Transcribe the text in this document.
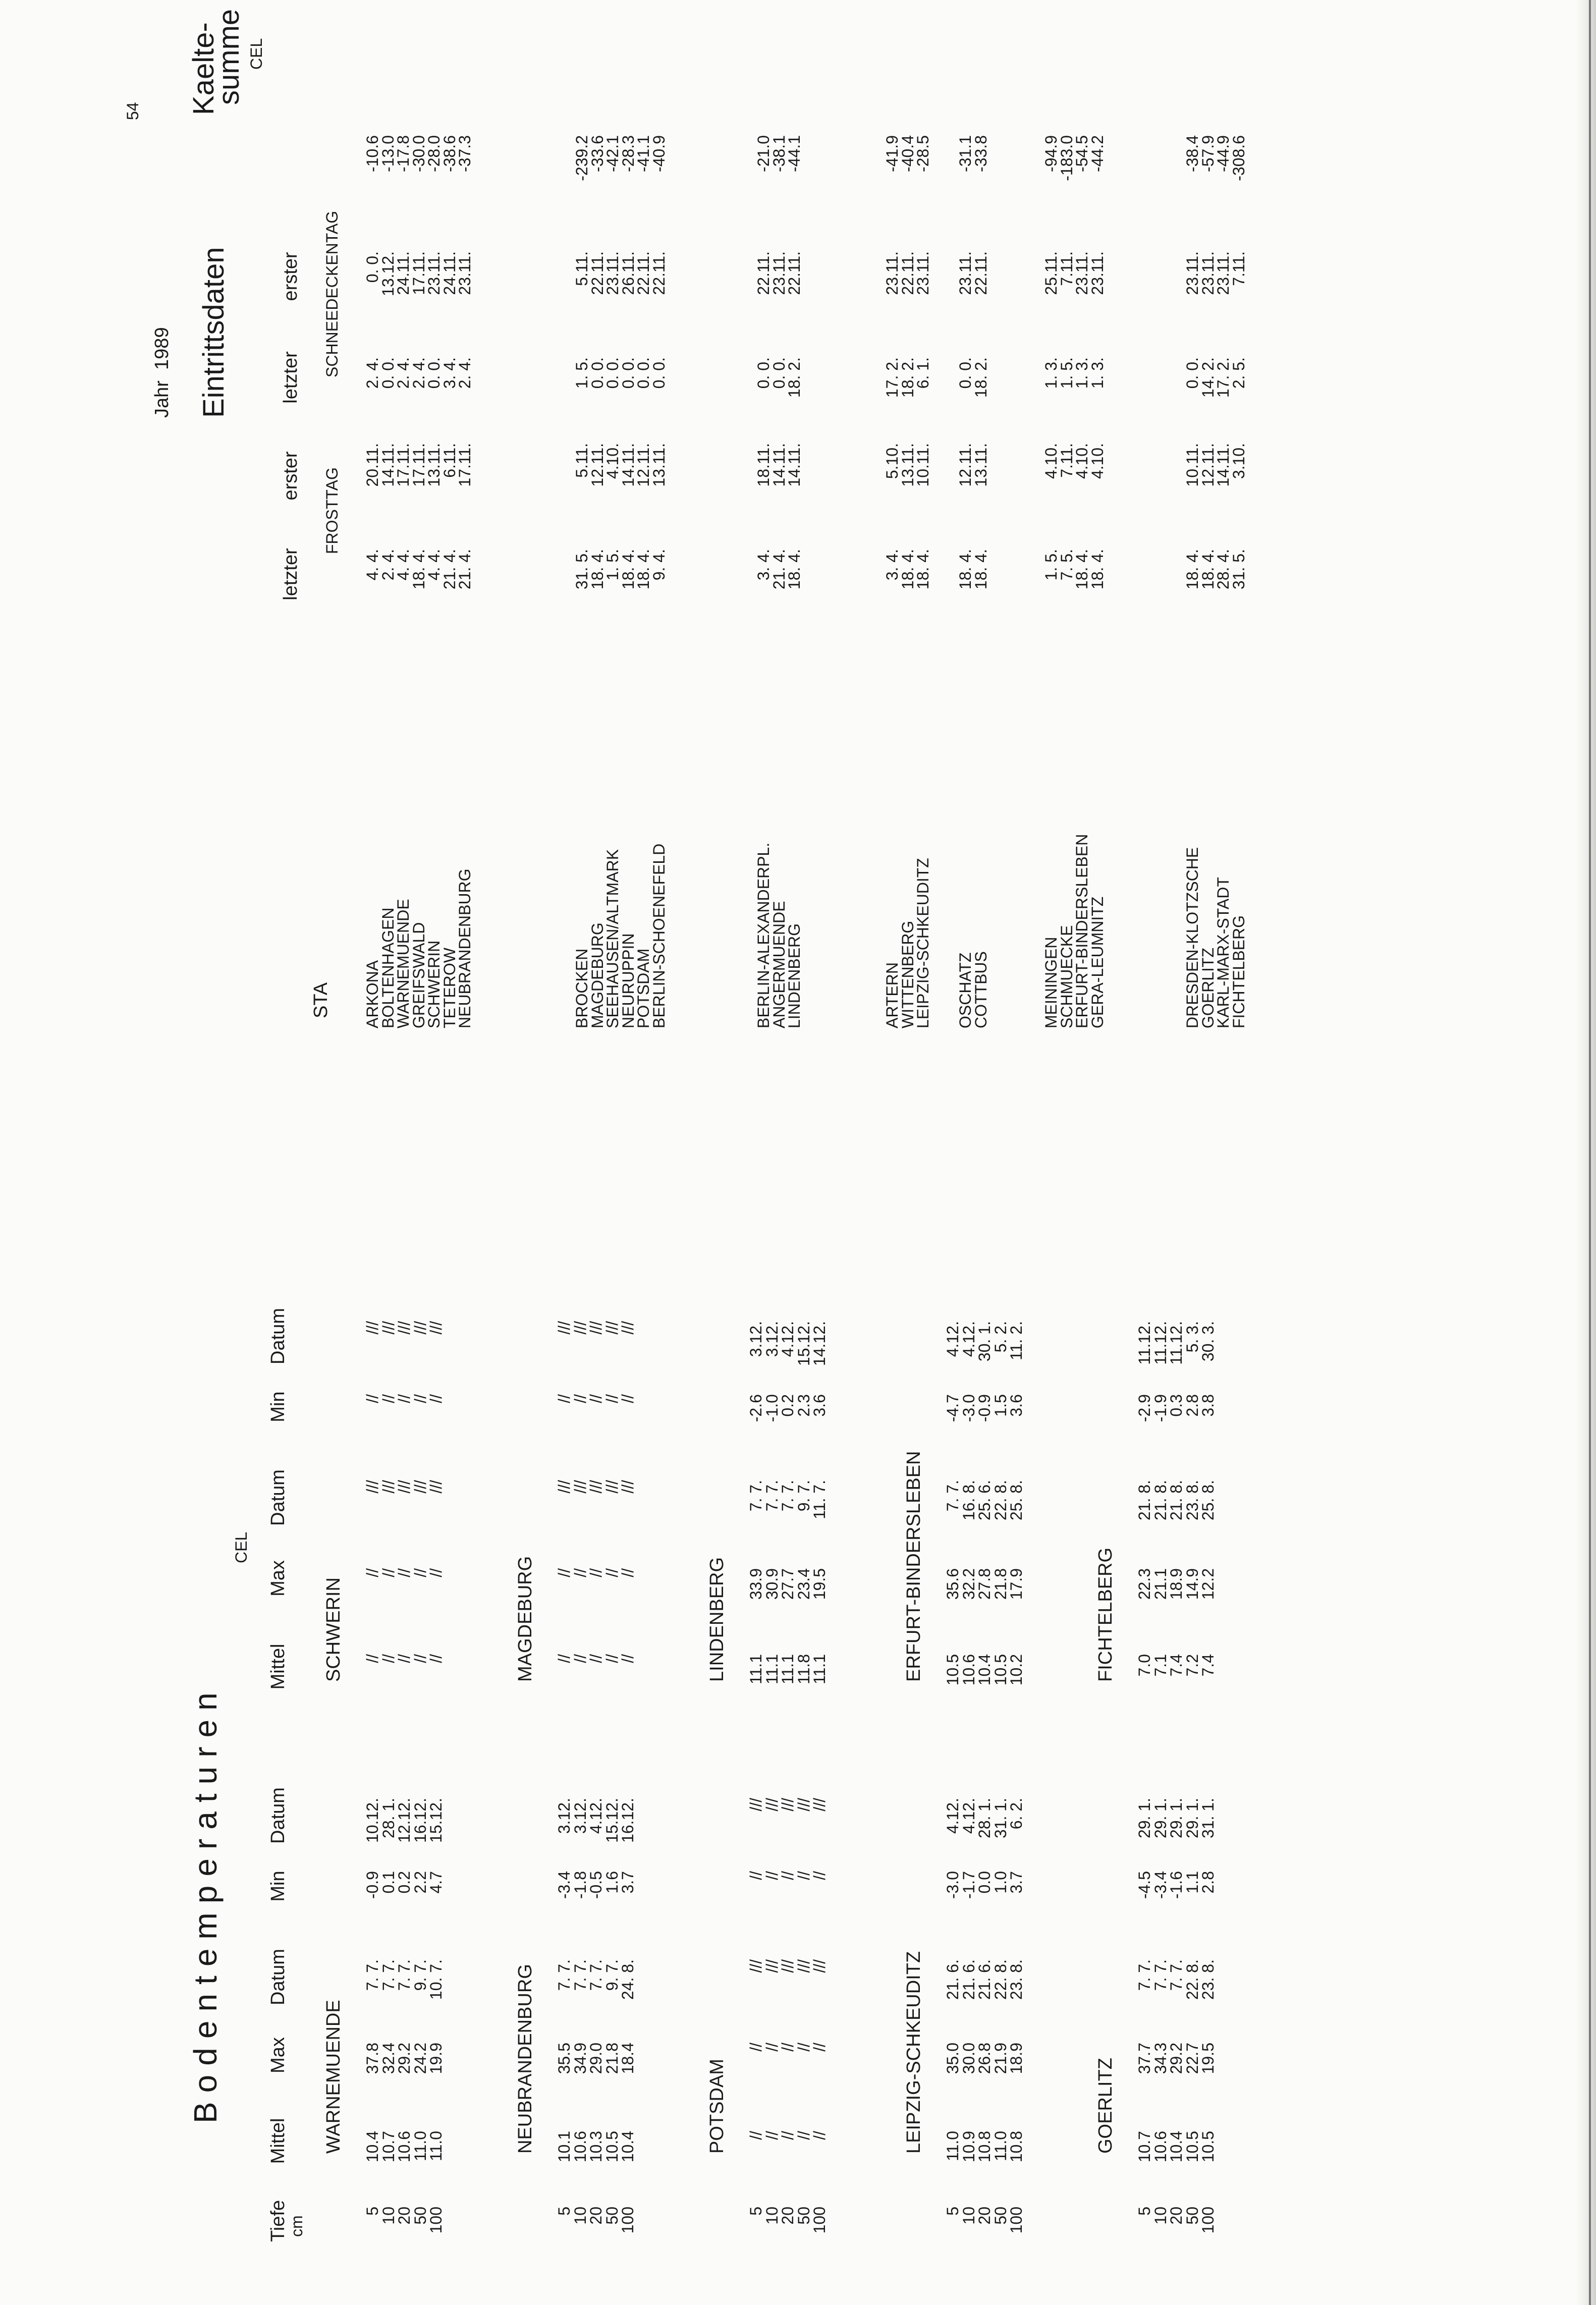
54
Jahr  1989
Bodentemperaturen
CEL
Tiefe
cm
Mittel
Max
Datum
Min
Datum
Mittel
Max
Datum
Min
Datum
WARNEMUENDE
5
10.4
37.8
7. 7.
-0.9
10.12.
10
10.7
32.4
7. 7.
0.1
28. 1.
20
10.6
29.2
7. 7.
0.2
12.12.
50
11.0
24.2
9. 7.
2.2
16.12.
100
11.0
19.9
10. 7.
4.7
15.12.
NEUBRANDENBURG
5
10.1
35.5
7. 7.
-3.4
3.12.
10
10.6
34.9
7. 7.
-1.8
3.12.
20
10.3
29.0
7. 7.
-0.5
4.12.
50
10.5
21.8
9. 7.
1.6
15.12.
100
10.4
18.4
24. 8.
3.7
16.12.
POTSDAM
5
//
//
///
//
///
10
//
//
///
//
///
20
//
//
///
//
///
50
//
//
///
//
///
100
//
//
///
//
///
LEIPZIG-SCHKEUDITZ
5
11.0
35.0
21. 6.
-3.0
4.12.
10
10.9
30.0
21. 6.
-1.7
4.12.
20
10.8
26.8
21. 6.
0.0
28. 1.
50
11.0
21.9
22. 8.
1.0
31. 1.
100
10.8
18.9
23. 8.
3.7
6. 2.
GOERLITZ
5
10.7
37.7
7. 7.
-4.5
29. 1.
10
10.6
34.3
7. 7.
-3.4
29. 1.
20
10.4
29.2
7. 7.
-1.6
29. 1.
50
10.5
22.7
22. 8.
1.1
29. 1.
100
10.5
19.5
23. 8.
2.8
31. 1.
SCHWERIN //
//
///
//
///
//
//
///
//
///
//
//
///
//
///
//
//
///
//
///
//
//
///
//
///
MAGDEBURG //
//
///
//
///
//
//
///
//
///
//
//
///
//
///
//
//
///
//
///
//
//
///
//
///
LINDENBERG 11.1
33.9
7. 7.
-2.6
3.12.
11.1
30.9
7. 7.
-1.0
3.12.
11.1
27.7
7. 7.
0.2
4.12.
11.8
23.4
9. 7.
2.3
15.12.
11.1
19.5
11. 7.
3.6
14.12.
ERFURT-BINDERSLEBEN 10.5
35.6
7. 7.
-4.7
4.12.
10.6
32.2
16. 8.
-3.0
4.12.
10.4
27.8
25. 6.
-0.9
30. 1.
10.5
21.8
22. 8.
1.5
5. 2.
10.2
17.9
25. 8.
3.6
11. 2.
FICHTELBERG 7.0
22.3
21. 8.
-2.9
11.12.
7.1
21.1
21. 8.
-1.9
11.12.
7.4
18.9
21. 8.
0.3
11.12.
7.2
14.9
23. 8.
2.8
5. 3.
7.4
12.2
25. 8.
3.8
30. 3.
Eintrittsdaten
Kaelte-
summe CEL
STA
letzter
erster
letzter
erster
FROSTTAG
SCHNEEDECKENTAG
ARKONA
4. 4.
20.11.
2. 4.
0. 0.
-10.6
BOLTENHAGEN
2. 4.
14.11.
0. 0.
13.12.
-13.0
WARNEMUENDE
4. 4.
17.11.
2. 4.
24.11.
-17.8
GREIFSWALD
18. 4.
17.11.
2. 4.
17.11.
-30.0
SCHWERIN
4. 4.
13.11.
0. 0.
23.11.
-28.0
TETEROW
21. 4.
6.11.
3. 4.
24.11.
-38.6
NEUBRANDENBURG
21. 4.
17.11.
2. 4.
23.11.
-37.3
BROCKEN
31. 5.
5.11.
1. 5.
5.11.
-239.2
MAGDEBURG
18. 4.
12.11.
0. 0.
22.11.
-33.6
SEEHAUSEN/ALTMARK
1. 5.
4.10.
0. 0.
23.11.
-42.1
NEURUPPIN
18. 4.
14.11.
0. 0.
26.11.
-28.3
POTSDAM
18. 4.
12.11.
0. 0.
22.11.
-41.1
BERLIN-SCHOENEFELD
9. 4.
13.11.
0. 0.
22.11.
-40.9
BERLIN-ALEXANDERPL.
3. 4.
18.11.
0. 0.
22.11.
-21.0
ANGERMUENDE
21. 4.
14.11.
0. 0.
23.11.
-38.1
LINDENBERG
18. 4.
14.11.
18. 2.
22.11.
-44.1
ARTERN
3. 4.
5.10.
17. 2.
23.11.
-41.9
WITTENBERG
18. 4.
13.11.
18. 2.
22.11.
-40.4
LEIPZIG-SCHKEUDITZ
18. 4.
10.11.
6. 1.
23.11.
-28.5
OSCHATZ
18. 4.
12.11.
0. 0.
23.11.
-31.1
COTTBUS
18. 4.
13.11.
18. 2.
22.11.
-33.8
MEININGEN
1. 5.
4.10.
1. 3.
25.11.
-94.9
SCHMUECKE
7. 5.
7.11.
1. 5.
7.11.
-183.0
ERFURT-BINDERSLEBEN
18. 4.
4.10.
1. 3.
23.11.
-54.5
GERA-LEUMNITZ
18. 4.
4.10.
1. 3.
23.11.
-44.2
DRESDEN-KLOTZSCHE
18. 4.
10.11.
0. 0.
23.11.
-38.4
GOERLITZ
18. 4.
12.11.
14. 2.
23.11.
-57.9
KARL-MARX-STADT
28. 4.
14.11.
17. 2.
23.11.
-44.9
FICHTELBERG
31. 5.
3.10.
2. 5.
7.11.
-308.6
